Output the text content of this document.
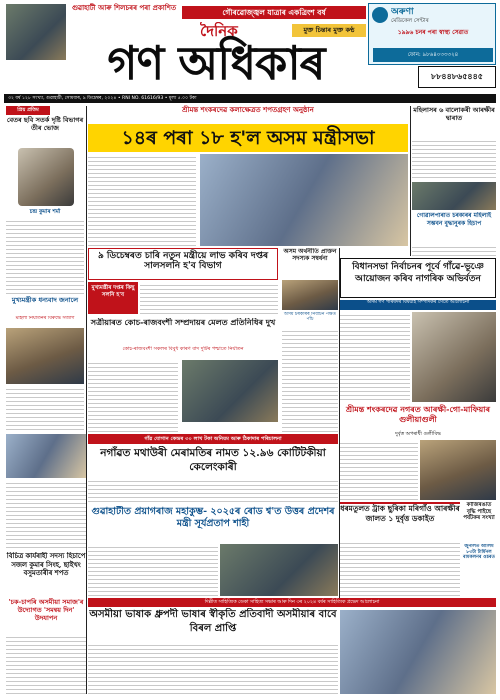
গুৱাহাটী আৰু শিলচৰৰ পৰা প্ৰকাশিত
গৌৰৱোজ্জ্বল যাত্ৰাৰ একত্ৰিংশ বৰ্ষ
দৈনিক	মুক্ত চিন্তাৰ মুক্ত কণ্ঠ
গণ অধিকাৰ
অৰুণা
মেডিকেল সেন্টাৰ
১৯৯৬ চনৰ পৰা স্বাস্থ্য সেৱাত
ফোন: ৯৮৬৪০৩৩৩২৪
৮৮৪৪৮৬৫৪৪৫
৩২ বৰ্ষ ১২৮ সংখ্যা, গুৱাহাটী, সোমবাৰ, ৯ ডিচেম্বৰ, ২০২৪ • RNI NO. 61616/93 • মূল্য ৫.০০ টকা
প্ৰিয় প্ৰতিম
বেতৰ ছবি সতৰ্ক দৃষ্টি বিভাগৰ তীৰ ভোজ
চন্দ্ৰ কুমাৰ শৰ্মা
মুখ্যমন্ত্ৰীক ধন্যবাদ জনালে
মহিলা নিৰ্যাতনৰ বিৰুদ্ধে সজাগ
শ্ৰীমন্ত শংকৰদেৱ কলাক্ষেত্ৰত শপতগ্ৰহণ অনুষ্ঠান
১৪ৰ পৰা ১৮ হ'ল অসম মন্ত্ৰীসভা
৯ ডিচেম্বৰত চাৰি নতুন মন্ত্ৰীয়ে লাভ কৰিব দপ্তৰ সালসলনি হ'ব বিভাগ
মুখ্যমন্ত্ৰীৰ দপ্তৰ কিছু সলনি হ'ব
সত্ৰীয়াৰত কোচ-ৰাজবংশী সম্প্ৰদায়ৰ মেলত প্ৰতিনিধিৰ দুখ
কোচ-ৰাজবংশী সকলৰ বিবুধ কাৰণ বাদ দুটিৰ পশ্চাতে নিৰ্যাতন
অসম অৰ্থনীতি প্ৰাক্তন সদস্যক সম্বৰ্ধনা
অসম চৰকাৰৰ নিৰ্বাচন পক্ষত পাঁচ
বিধানসভা নিৰ্বাচনৰ পূৰ্বে গাঁৱে-ভূঞে আয়োজন কৰিব নাগৰিক অভিৰ্বতন
অসম গণ পৰিষদৰ বিষয়াই সম্পাদকৰ সৈতে আলোচনা
গাঁৱ যোগান কেন্দ্ৰৰ ৩০ লাখ টকা অনিয়ম আৰু ঠিকাদাৰ পৰিচালনা
নগাঁৱত মথাউৰী মেৰামতিৰ নামত ১২.৯৬ কোটিটকীয়া কেলেংকাৰী
গুৱাহাটীত প্ৰয়াগৰাজ মহাকুম্ভ- ২০২৫ৰ ৰোড শ্ব'ত উত্তৰ প্ৰদেশৰ মন্ত্ৰী সূৰ্যপ্ৰতাপ শাহী
শ্ৰীমন্ত শংকৰদেৱ নগৰত আৰক্ষী-গো-মাফিয়াৰ গুলীয়াগুলী
দুৰ্বৃত্ত অপৰাধী গুলীবিদ্ধ
ধৰমতুলত ট্ৰাক ছুৰিকা মৰিগাঁও আৰক্ষীৰ জালত ১ দুৰ্বৃত্ত ডকাইত
বিচিত্ৰ কাৰ্যৰাহী সদস্য হিচাপে সজল কুমাৰ সিংহ, ছাইখং বসুমতাৰীৰ শপত
'চক-চাপৰি অসমীয়া সমাজ'ৰ উদ্যোগত 'সমন্বয় দিন' উদযাপন
দিল্লীত সাহিত্যিক ডেকা সাহিত্য সভাৰ আৰু দিন ৩ৰ ২০২৪ বৰ্ষৰ সাহিত্যিক প্ৰভেদ আলোচনা
অসমীয়া ভাষাক ধ্ৰুপদী ভাষাৰ স্বীকৃতি প্ৰতিবাদী অসমীয়াৰ বাবে বিৰল প্ৰাপ্তি
মহিলাসৰ ৬ বালোকৰী আৰক্ষীৰ দ্বাৰাত
গোৱালপাৰাত চৰকাৰৰ মহিলাই সম্ভবন বুদ্ধানুৰক হিচাপ
কাজিৰঙাত বৃদ্ধি পাইছে পৰ্যটকৰ সংখ্যা
জুনালত আলিম ৮৩টা টাৰ্মিনল ৰামকলনৰ ওচৰত
